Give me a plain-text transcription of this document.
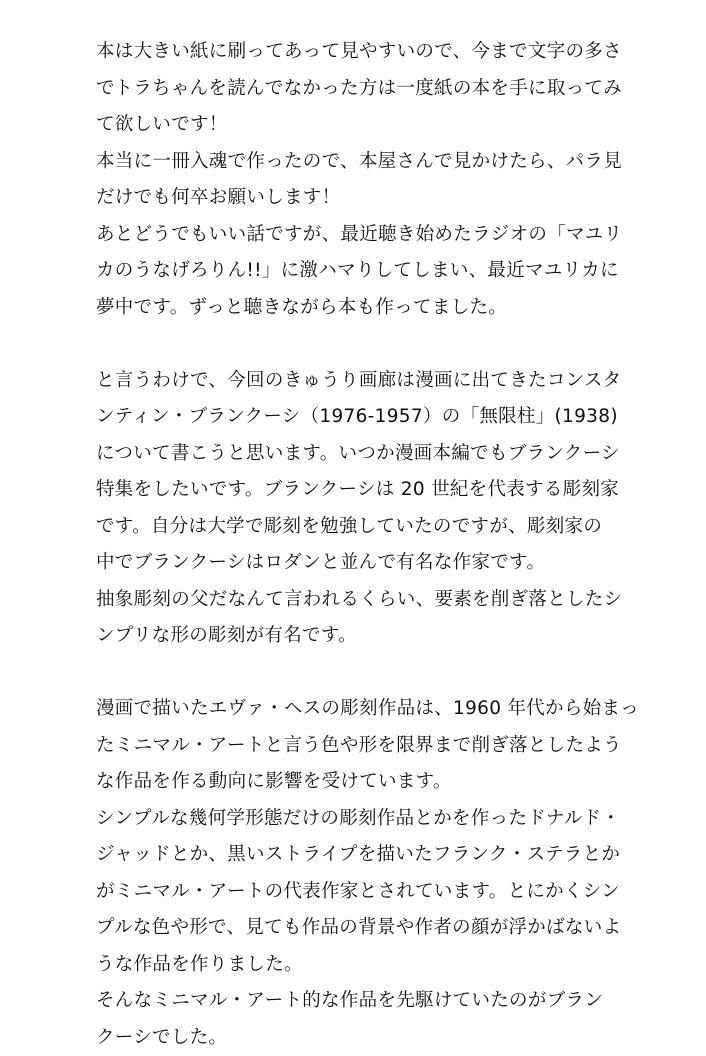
本は大きい紙に刷ってあって見やすいので、今まで文字の多さ
でトラちゃんを読んでなかった方は一度紙の本を手に取ってみ
て欲しいです！
本当に一冊入魂で作ったので、本屋さんで見かけたら、パラ見
だけでも何卒お願いします！
あとどうでもいい話ですが、最近聴き始めたラジオの「マユリ
カのうなげろりん!!」に激ハマりしてしまい、最近マユリカに
夢中です。ずっと聴きながら本も作ってました。
と言うわけで、今回のきゅうり画廊は漫画に出てきたコンスタ
ンティン・ブランクーシ（1976-1957）の「無限柱」(1938)
について書こうと思います。いつか漫画本編でもブランクーシ
特集をしたいです。ブランクーシは 20 世紀を代表する彫刻家
です。自分は大学で彫刻を勉強していたのですが、彫刻家の
中でブランクーシはロダンと並んで有名な作家です。
抽象彫刻の父だなんて言われるくらい、要素を削ぎ落としたシ
ンプリな形の彫刻が有名です。
漫画で描いたエヴァ・ヘスの彫刻作品は、1960 年代から始まっ
たミニマル・アートと言う色や形を限界まで削ぎ落としたよう
な作品を作る動向に影響を受けています。
シンプルな幾何学形態だけの彫刻作品とかを作ったドナルド・
ジャッドとか、黒いストライプを描いたフランク・ステラとか
がミニマル・アートの代表作家とされています。とにかくシン
プルな色や形で、見ても作品の背景や作者の顔が浮かばないよ
うな作品を作りました。
そんなミニマル・アート的な作品を先駆けていたのがブラン
クーシでした。
